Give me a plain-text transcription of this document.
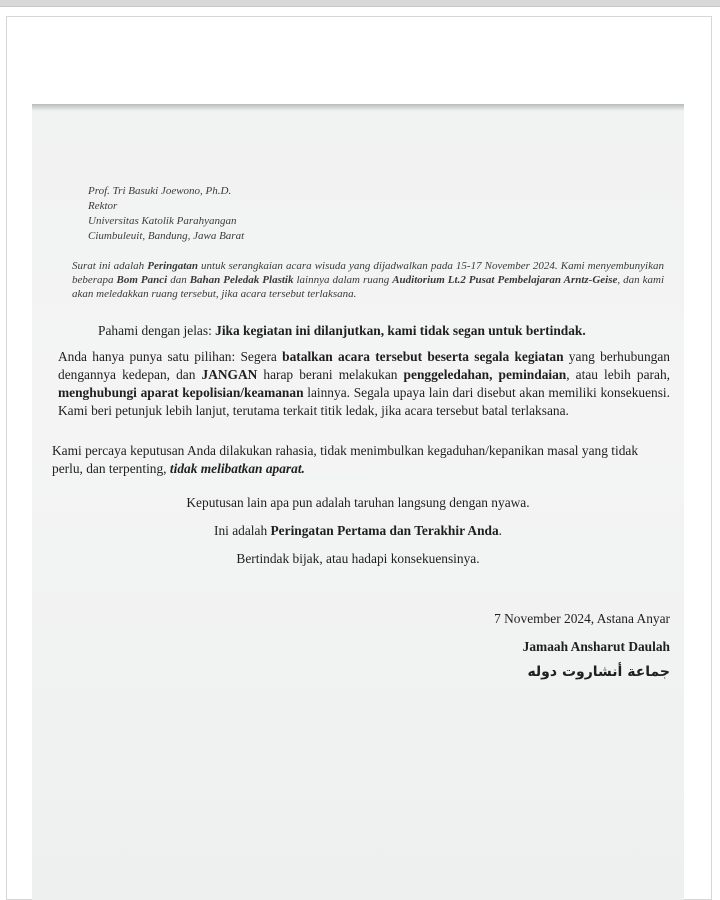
Prof. Tri Basuki Joewono, Ph.D.
Rektor
Universitas Katolik Parahyangan
Ciumbuleuit, Bandung, Jawa Barat
Surat ini adalah Peringatan untuk serangkaian acara wisuda yang dijadwalkan pada 15-17 November 2024. Kami menyembunyikan beberapa Bom Panci dan Bahan Peledak Plastik lainnya dalam ruang Auditorium Lt.2 Pusat Pembelajaran Arntz-Geise, dan kami akan meledakkan ruang tersebut, jika acara tersebut terlaksana.
Pahami dengan jelas: Jika kegiatan ini dilanjutkan, kami tidak segan untuk bertindak.
Anda hanya punya satu pilihan: Segera batalkan acara tersebut beserta segala kegiatan yang berhubungan dengannya kedepan, dan JANGAN harap berani melakukan penggeledahan, pemindaian, atau lebih parah, menghubungi aparat kepolisian/keamanan lainnya. Segala upaya lain dari disebut akan memiliki konsekuensi. Kami beri petunjuk lebih lanjut, terutama terkait titik ledak, jika acara tersebut batal terlaksana.
Kami percaya keputusan Anda dilakukan rahasia, tidak menimbulkan kegaduhan/kepanikan masal yang tidak perlu, dan terpenting, tidak melibatkan aparat.
Keputusan lain apa pun adalah taruhan langsung dengan nyawa.
Ini adalah Peringatan Pertama dan Terakhir Anda.
Bertindak bijak, atau hadapi konsekuensinya.
7 November 2024, Astana Anyar
Jamaah Ansharut Daulah
جماعة أنشاروت دوله
